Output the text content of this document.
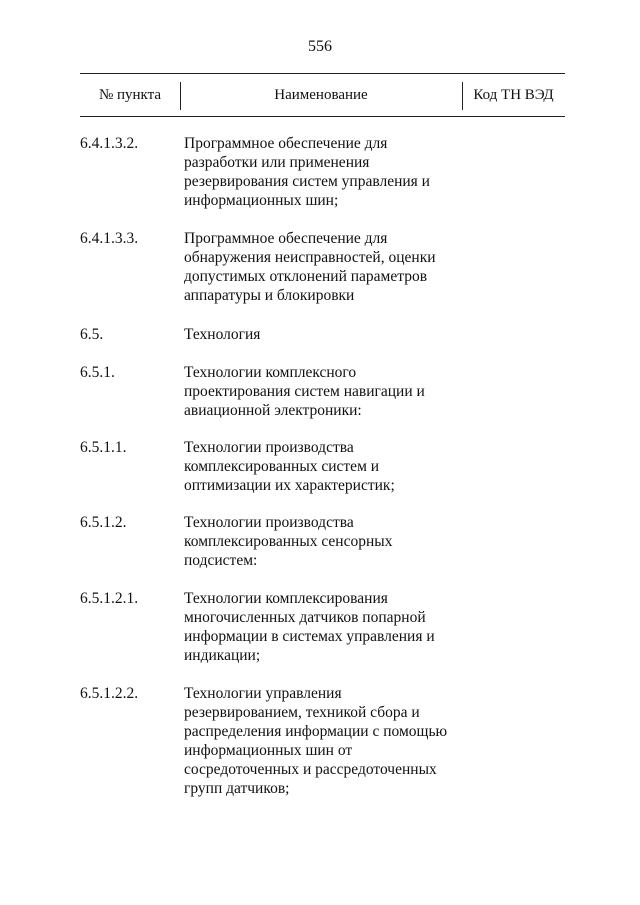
556
№ пункта	Наименование	Код ТН ВЭД
6.4.1.3.2.	Программное обеспечение для
разработки или применения
резервирования систем управления и
информационных шин;
6.4.1.3.3.	Программное обеспечение для
обнаружения неисправностей, оценки
допустимых отклонений параметров
аппаратуры и блокировки
6.5.	Технология
6.5.1.	Технологии комплексного
проектирования систем навигации и
авиационной электроники:
6.5.1.1.	Технологии производства
комплексированных систем и
оптимизации их характеристик;
6.5.1.2.	Технологии производства
комплексированных сенсорных
подсистем:
6.5.1.2.1.	Технологии комплексирования
многочисленных датчиков попарной
информации в системах управления и
индикации;
6.5.1.2.2.	Технологии управления
резервированием, техникой сбора и
распределения информации с помощью
информационных шин от
сосредоточенных и рассредоточенных
групп датчиков;
